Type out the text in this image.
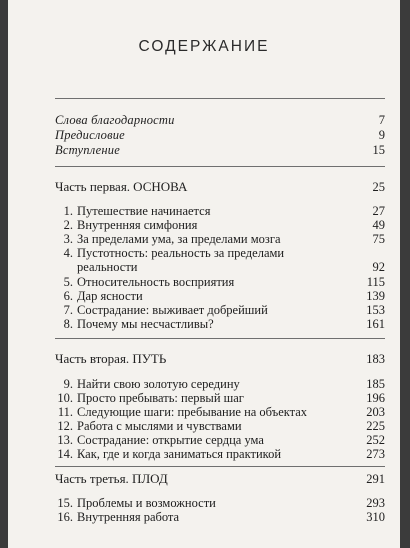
СОДЕРЖАНИЕ
Слова благодарности	7
Предисловие	9
Вступление	15
Часть первая. ОСНОВА	25
1. Путешествие начинается	27
2. Внутренняя симфония	49
3. За пределами ума, за пределами мозга	75
4. Пустотность: реальность за пределами реальности	92
5. Относительность восприятия	115
6. Дар ясности	139
7. Сострадание: выживает добрейший	153
8. Почему мы несчастливы?	161
Часть вторая. ПУТЬ	183
9. Найти свою золотую середину	185
10. Просто пребывать: первый шаг	196
11. Следующие шаги: пребывание на объектах	203
12. Работа с мыслями и чувствами	225
13. Сострадание: открытие сердца ума	252
14. Как, где и когда заниматься практикой	273
Часть третья. ПЛОД	291
15. Проблемы и возможности	293
16. Внутренняя работа	310
